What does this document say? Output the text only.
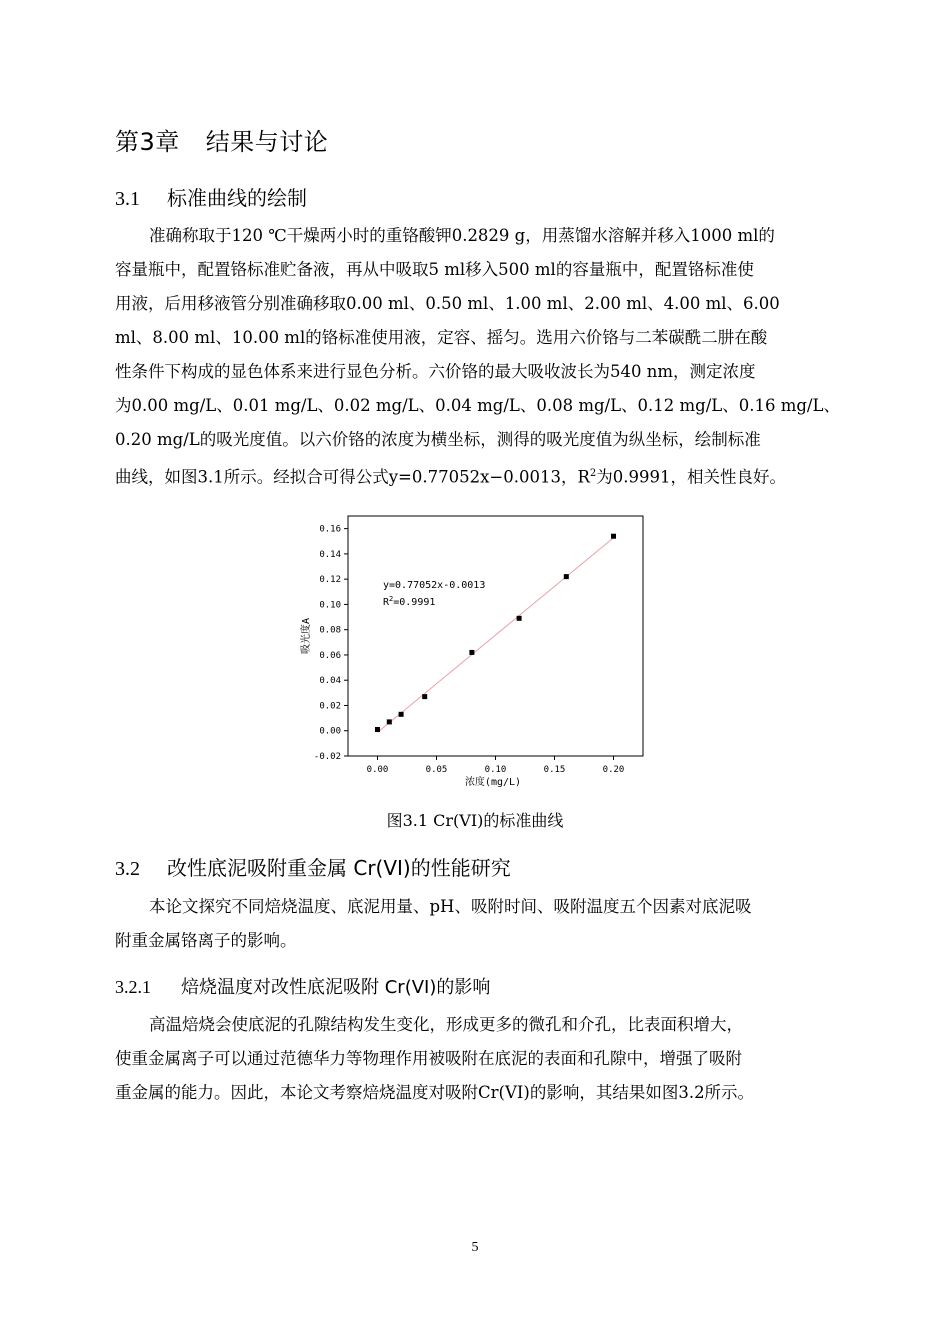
第3章 结果与讨论
3.1 标准曲线的绘制
准确称取于120 ℃干燥两小时的重铬酸钾0.2829 g，用蒸馏水溶解并移入1000 ml的
容量瓶中，配置铬标准贮备液，再从中吸取5 ml移入500 ml的容量瓶中，配置铬标准使
用液，后用移液管分别准确移取0.00 ml、0.50 ml、1.00 ml、2.00 ml、4.00 ml、6.00
ml、8.00 ml、10.00 ml的铬标准使用液，定容、摇匀。选用六价铬与二苯碳酰二肼在酸
性条件下构成的显色体系来进行显色分析。六价铬的最大吸收波长为540 nm，测定浓度
为0.00 mg/L、0.01 mg/L、0.02 mg/L、0.04 mg/L、0.08 mg/L、0.12 mg/L、0.16 mg/L、
0.20 mg/L的吸光度值。以六价铬的浓度为横坐标，测得的吸光度值为纵坐标，绘制标准
曲线，如图3.1所示。经拟合可得公式y=0.77052x−0.0013，$R^2$为0.9991，相关性良好。
-0.02
0.00
0.02
0.04
0.06
0.08
0.10
0.12
0.14
0.16
0.00	0.05	0.10	0.15	0.20
y=0.77052x-0.0013
$R^2=0.9991$
浓度(mg/L)
吸光度A
图3.1 Cr(VI)的标准曲线
3.2 改性底泥吸附重金属 Cr(VI)的性能研究
本论文探究不同焙烧温度、底泥用量、pH、吸附时间、吸附温度五个因素对底泥吸
附重金属铬离子的影响。
3.2.1 焙烧温度对改性底泥吸附 Cr(VI)的影响
高温焙烧会使底泥的孔隙结构发生变化，形成更多的微孔和介孔，比表面积增大，
使重金属离子可以通过范德华力等物理作用被吸附在底泥的表面和孔隙中，增强了吸附
重金属的能力。因此，本论文考察焙烧温度对吸附Cr(VI)的影响，其结果如图3.2所示。
5
